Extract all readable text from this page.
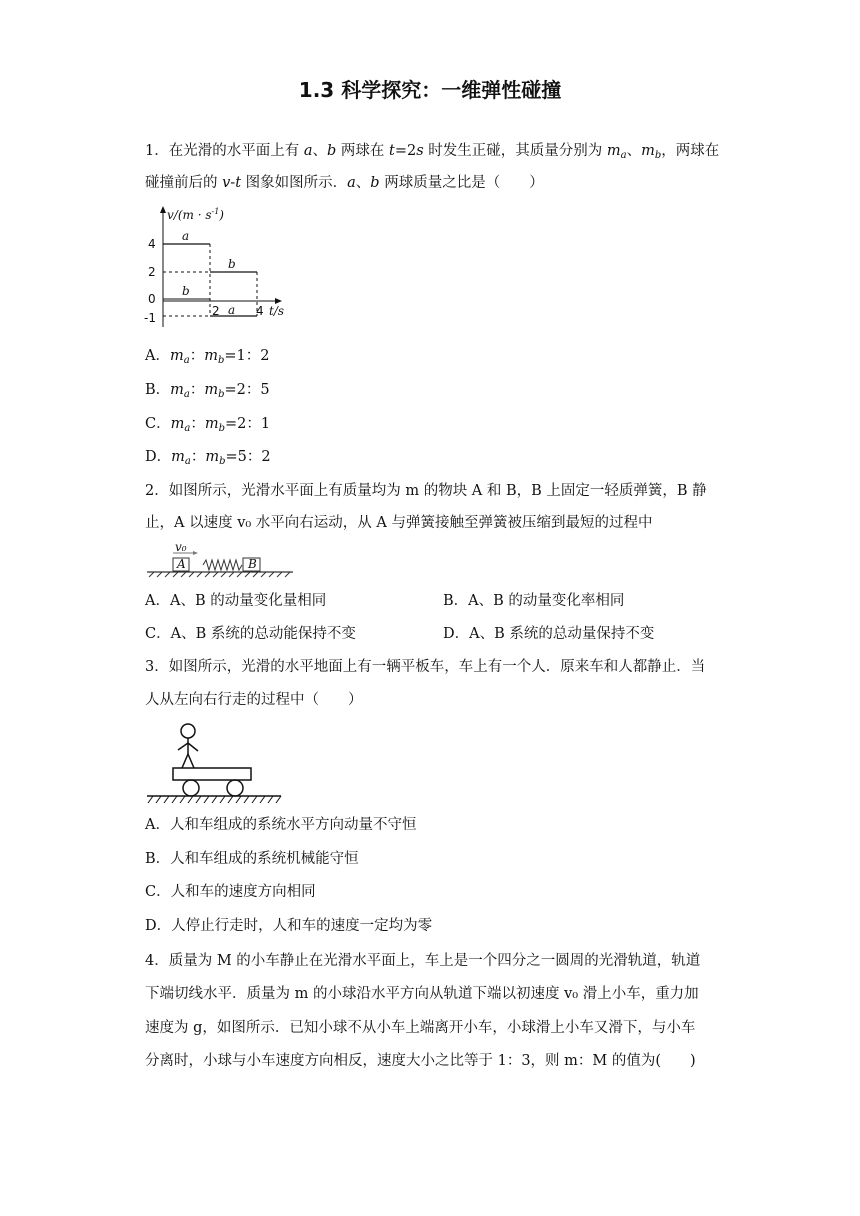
1.3 科学探究：一维弹性碰撞
1．在光滑的水平面上有 a、b 两球在 t=2s 时发生正碰，其质量分别为 $m_a$、$m_b$，两球在
碰撞前后的 v-t 图象如图所示．a、b 两球质量之比是（　　）
$v/(m \cdot s^{-1})$
t/s
4
2
0
-1	2	4
a
b
b
a
A．$m_a$：$m_b=1$：2
B．$m_a$：$m_b=2$：5
C．$m_a$：$m_b=2$：1
D．$m_a$：$m_b=5$：2
2．如图所示，光滑水平面上有质量均为 m 的物块 A 和 B，B 上固定一轻质弹簧，B 静
止，A 以速度 v₀ 水平向右运动，从 A 与弹簧接触至弹簧被压缩到最短的过程中
v₀
A	B
A．A、B 的动量变化量相同	B．A、B 的动量变化率相同
C．A、B 系统的总动能保持不变	D．A、B 系统的总动量保持不变
3．如图所示，光滑的水平地面上有一辆平板车，车上有一个人．原来车和人都静止．当
人从左向右行走的过程中（　　）
A．人和车组成的系统水平方向动量不守恒
B．人和车组成的系统机械能守恒
C．人和车的速度方向相同
D．人停止行走时，人和车的速度一定均为零
4．质量为 M 的小车静止在光滑水平面上，车上是一个四分之一圆周的光滑轨道，轨道
下端切线水平．质量为 m 的小球沿水平方向从轨道下端以初速度 v₀ 滑上小车，重力加
速度为 g，如图所示．已知小球不从小车上端离开小车，小球滑上小车又滑下，与小车
分离时，小球与小车速度方向相反，速度大小之比等于 1：3，则 m：M 的值为(　　)
